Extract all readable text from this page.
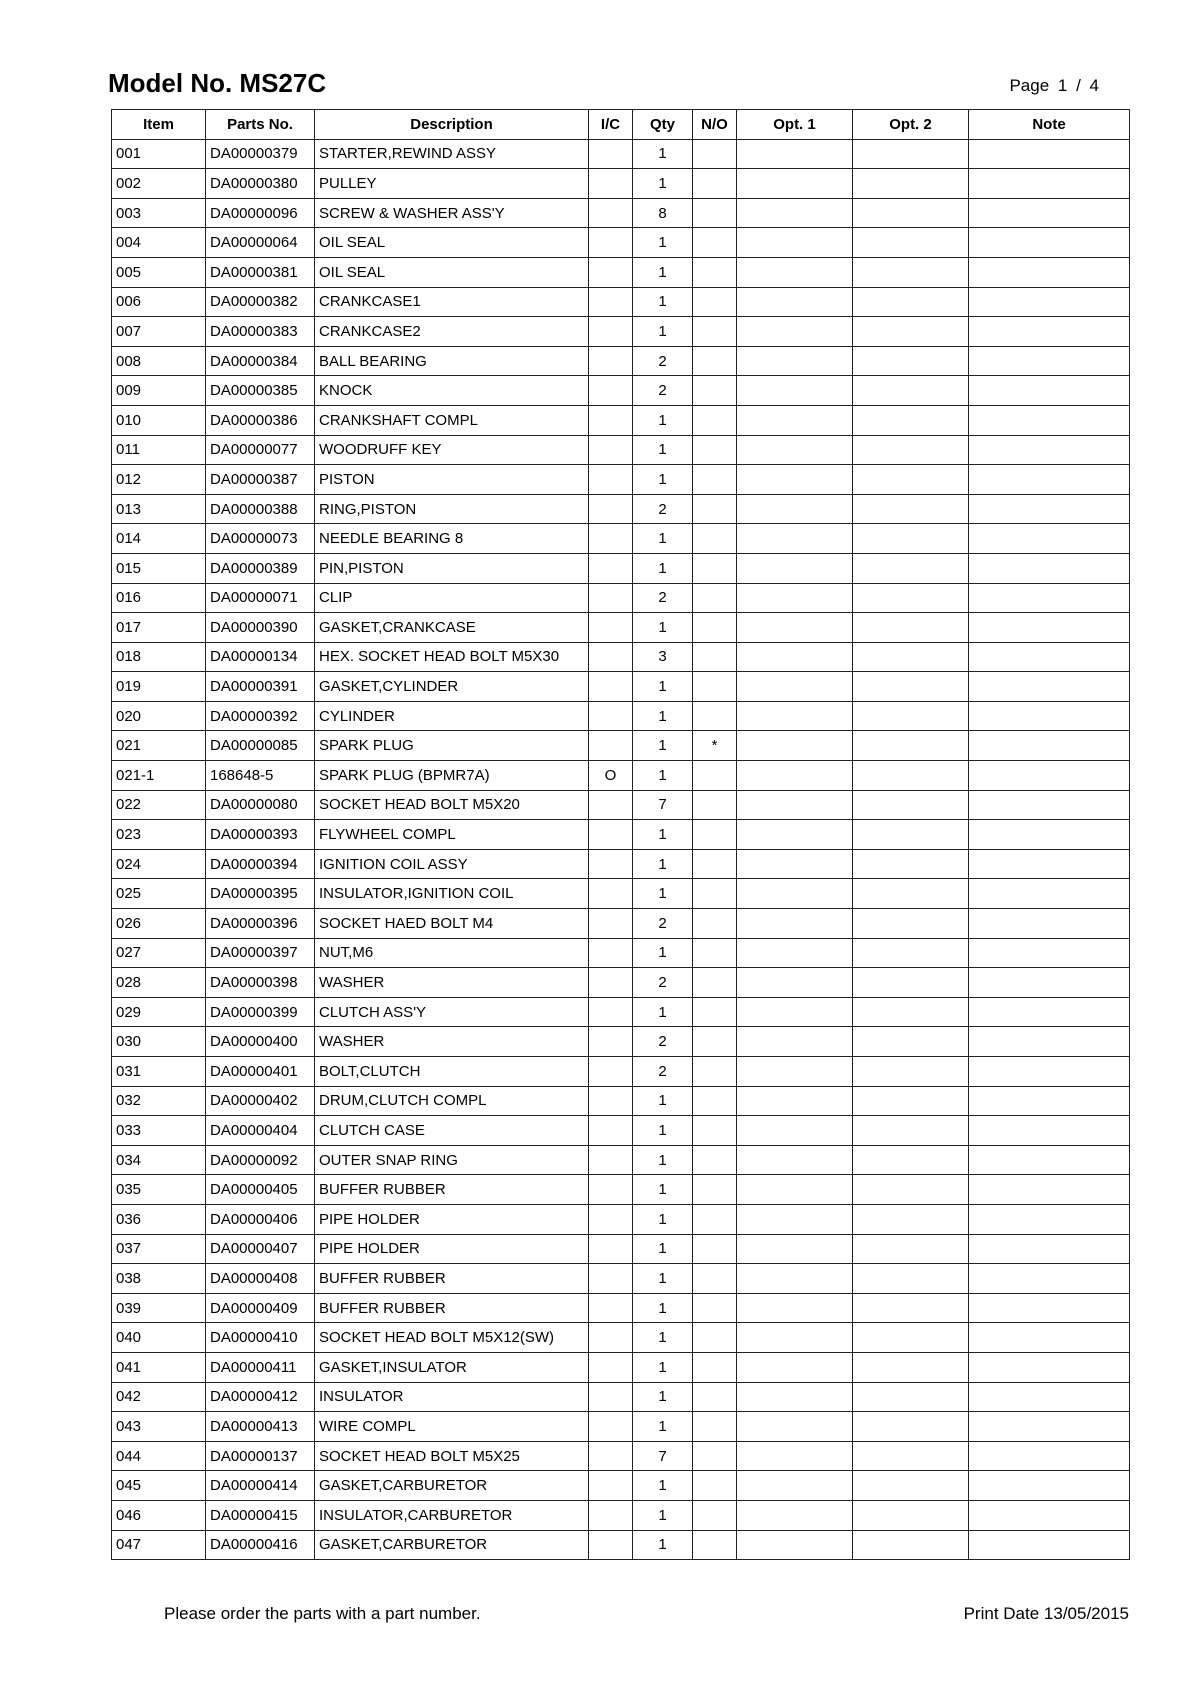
Model No. MS27C	Page 1 / 4
Item	Parts No.	Description	I/C	Qty	N/O	Opt. 1	Opt. 2	Note
001	DA00000379	STARTER,REWIND ASSY		1				
002	DA00000380	PULLEY		1				
003	DA00000096	SCREW & WASHER ASS'Y		8				
004	DA00000064	OIL SEAL		1				
005	DA00000381	OIL SEAL		1				
006	DA00000382	CRANKCASE1		1				
007	DA00000383	CRANKCASE2		1				
008	DA00000384	BALL BEARING		2				
009	DA00000385	KNOCK		2				
010	DA00000386	CRANKSHAFT COMPL		1				
011	DA00000077	WOODRUFF KEY		1				
012	DA00000387	PISTON		1				
013	DA00000388	RING,PISTON		2				
014	DA00000073	NEEDLE BEARING 8		1				
015	DA00000389	PIN,PISTON		1				
016	DA00000071	CLIP		2				
017	DA00000390	GASKET,CRANKCASE		1				
018	DA00000134	HEX. SOCKET HEAD BOLT M5X30		3				
019	DA00000391	GASKET,CYLINDER		1				
020	DA00000392	CYLINDER		1				
021	DA00000085	SPARK PLUG		1	*			
021-1	168648-5	SPARK PLUG (BPMR7A)	O	1				
022	DA00000080	SOCKET HEAD BOLT M5X20		7				
023	DA00000393	FLYWHEEL COMPL		1				
024	DA00000394	IGNITION COIL ASSY		1				
025	DA00000395	INSULATOR,IGNITION COIL		1				
026	DA00000396	SOCKET HAED BOLT M4		2				
027	DA00000397	NUT,M6		1				
028	DA00000398	WASHER		2				
029	DA00000399	CLUTCH ASS'Y		1				
030	DA00000400	WASHER		2				
031	DA00000401	BOLT,CLUTCH		2				
032	DA00000402	DRUM,CLUTCH COMPL		1				
033	DA00000404	CLUTCH CASE		1				
034	DA00000092	OUTER SNAP RING		1				
035	DA00000405	BUFFER RUBBER		1				
036	DA00000406	PIPE HOLDER		1				
037	DA00000407	PIPE HOLDER		1				
038	DA00000408	BUFFER RUBBER		1				
039	DA00000409	BUFFER RUBBER		1				
040	DA00000410	SOCKET HEAD BOLT M5X12(SW)		1				
041	DA00000411	GASKET,INSULATOR		1				
042	DA00000412	INSULATOR		1				
043	DA00000413	WIRE COMPL		1				
044	DA00000137	SOCKET HEAD BOLT M5X25		7				
045	DA00000414	GASKET,CARBURETOR		1				
046	DA00000415	INSULATOR,CARBURETOR		1				
047	DA00000416	GASKET,CARBURETOR		1				
Please order the parts with a part number.	Print Date 13/05/2015
